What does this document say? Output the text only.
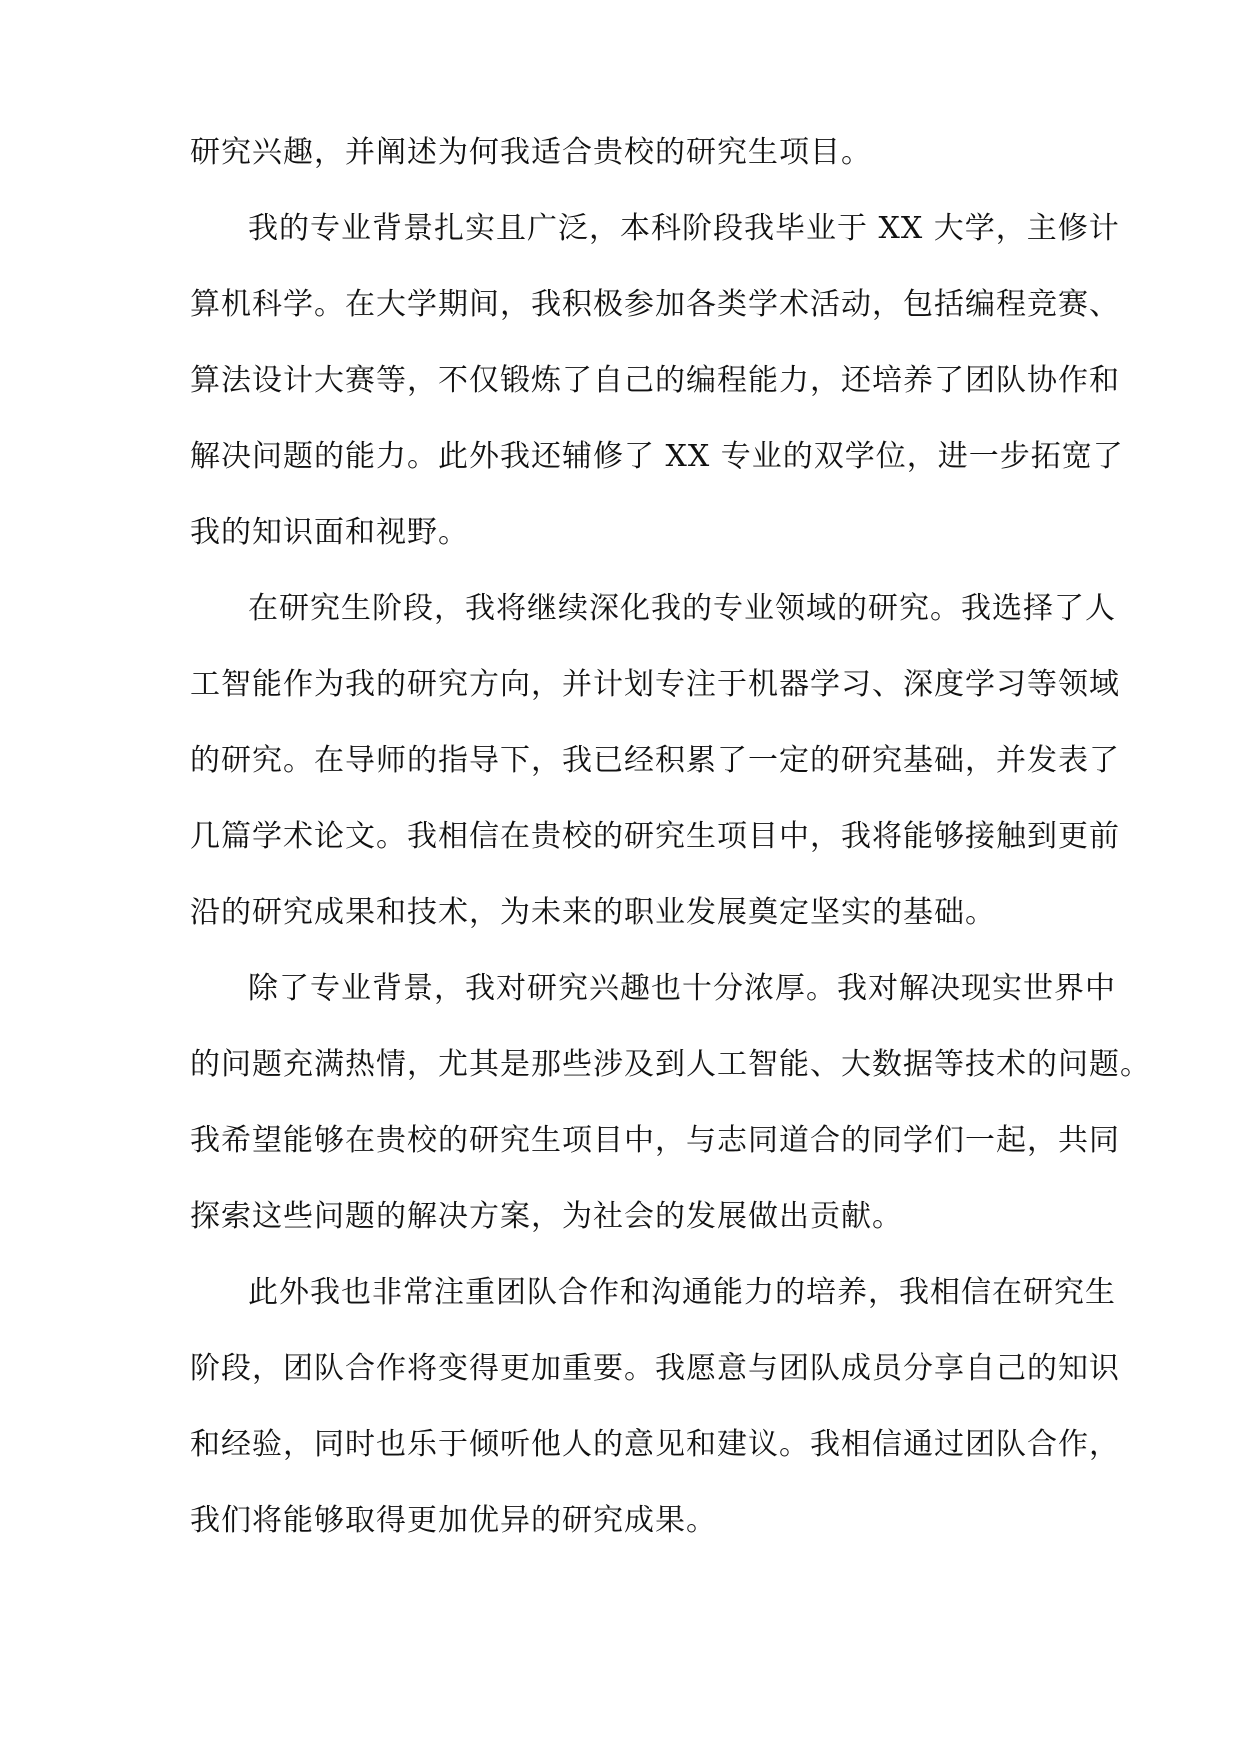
研究兴趣，并阐述为何我适合贵校的研究生项目。

我的专业背景扎实且广泛，本科阶段我毕业于 XX 大学，主修计

算机科学。在大学期间，我积极参加各类学术活动，包括编程竞赛、

算法设计大赛等，不仅锻炼了自己的编程能力，还培养了团队协作和

解决问题的能力。此外我还辅修了 XX 专业的双学位，进一步拓宽了

我的知识面和视野。

在研究生阶段，我将继续深化我的专业领域的研究。我选择了人

工智能作为我的研究方向，并计划专注于机器学习、深度学习等领域

的研究。在导师的指导下，我已经积累了一定的研究基础，并发表了

几篇学术论文。我相信在贵校的研究生项目中，我将能够接触到更前

沿的研究成果和技术，为未来的职业发展奠定坚实的基础。

除了专业背景，我对研究兴趣也十分浓厚。我对解决现实世界中

的问题充满热情，尤其是那些涉及到人工智能、大数据等技术的问题。

我希望能够在贵校的研究生项目中，与志同道合的同学们一起，共同

探索这些问题的解决方案，为社会的发展做出贡献。

此外我也非常注重团队合作和沟通能力的培养，我相信在研究生

阶段，团队合作将变得更加重要。我愿意与团队成员分享自己的知识

和经验，同时也乐于倾听他人的意见和建议。我相信通过团队合作，

我们将能够取得更加优异的研究成果。
